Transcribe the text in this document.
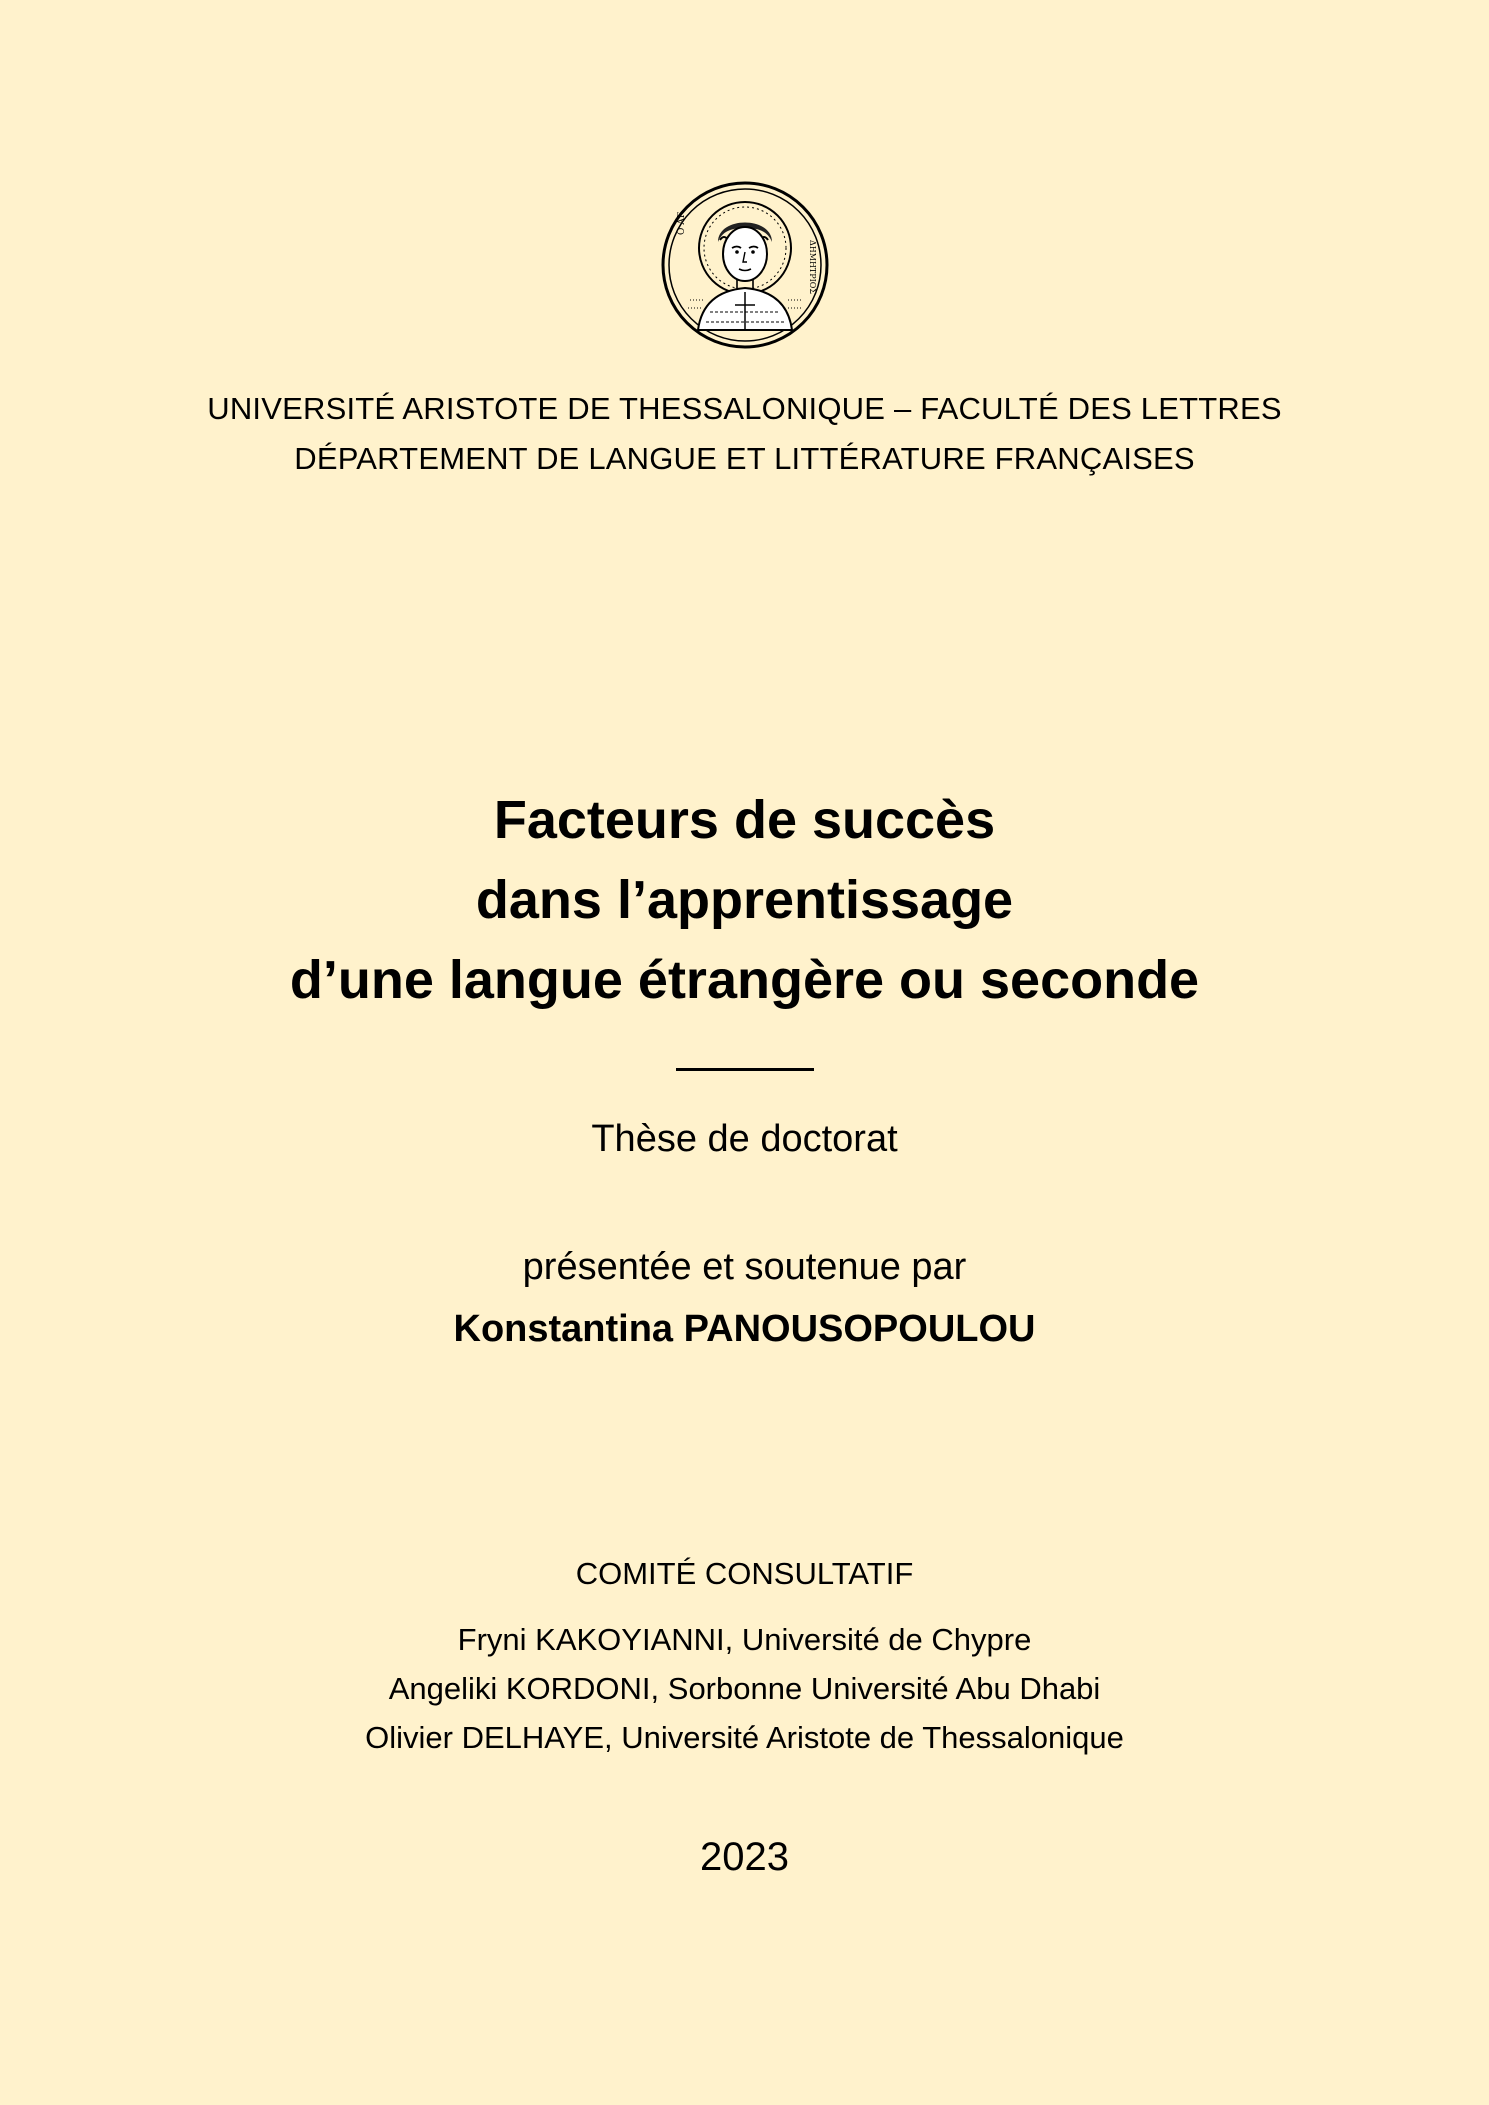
Ο ΑΓ
ΔΗΜΗΤΡΙΟΣ
UNIVERSITÉ ARISTOTE DE THESSALONIQUE – FACULTÉ DES LETTRES
DÉPARTEMENT DE LANGUE ET LITTÉRATURE FRANÇAISES
Facteurs de succès
dans l’apprentissage
d’une langue étrangère ou seconde
Thèse de doctorat
présentée et soutenue par
Konstantina PANOUSOPOULOU
COMITÉ CONSULTATIF
Fryni KAKOYIANNI, Université de Chypre
Angeliki KORDONI, Sorbonne Université Abu Dhabi
Olivier DELHAYE, Université Aristote de Thessalonique
2023
